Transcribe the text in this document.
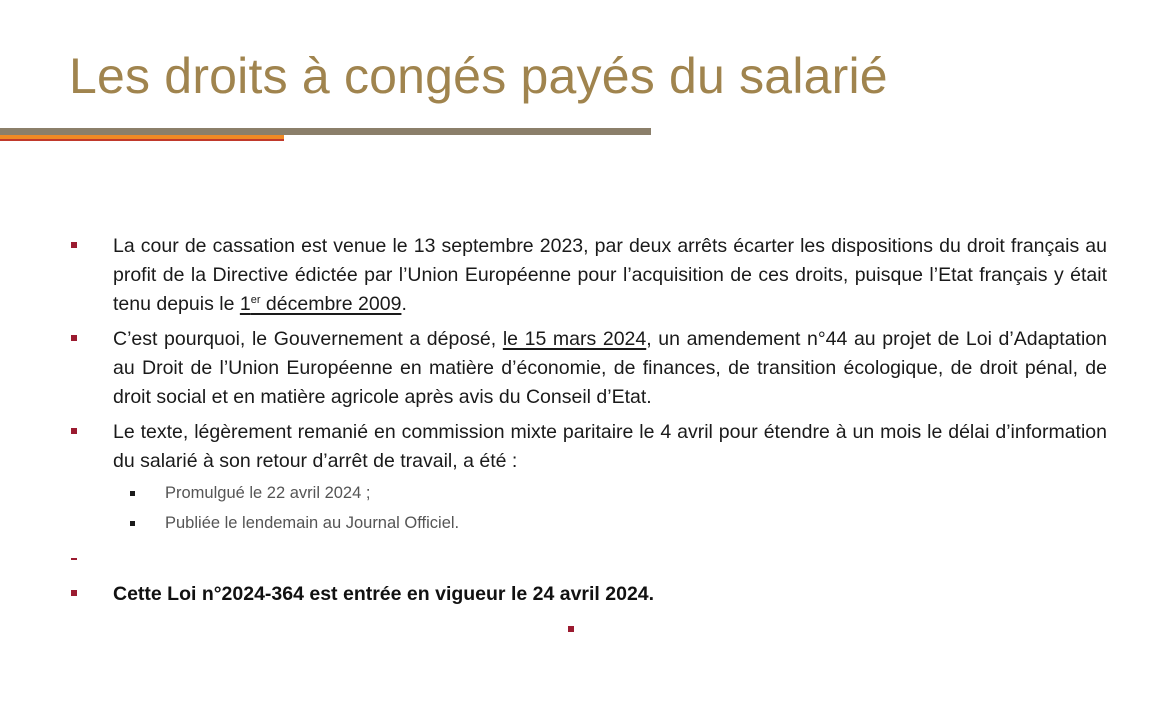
Les droits à congés payés du salarié
La cour de cassation est venue le 13 septembre 2023, par deux arrêts écarter les dispositions du droit français au profit de la Directive édictée par l’Union Européenne pour l’acquisition de ces droits, puisque l’Etat français y était tenu depuis le 1er décembre 2009.
C’est pourquoi, le Gouvernement a déposé, le 15 mars 2024, un amendement n°44 au projet de Loi d’Adaptation au Droit de l’Union Européenne en matière d’économie, de finances, de transition écologique, de droit pénal, de droit social et en matière agricole après avis du Conseil d’Etat.
Le texte, légèrement remanié en commission mixte paritaire le 4 avril pour étendre à un mois le délai d’information du salarié à son retour d’arrêt de travail, a été :
Promulgué le 22 avril 2024 ;
Publiée le lendemain au Journal Officiel.
Cette Loi n°2024-364 est entrée en vigueur le 24 avril 2024.
